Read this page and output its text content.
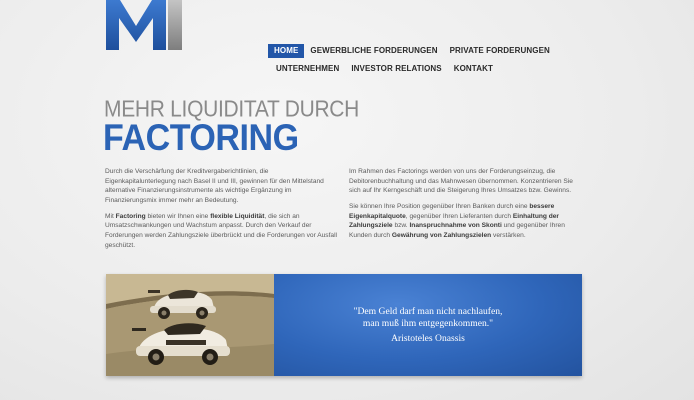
HOME	GEWERBLICHE FORDERUNGEN	PRIVATE FORDERUNGEN
UNTERNEHMEN	INVESTOR RELATIONS	KONTAKT
MEHR LIQUIDITAT DURCH
FACTORING

Durch die Verschärfung der Kreditvergaberichtlinien, die Eigenkapitalunterlegung nach Basel II und III, gewinnen für den Mittelstand alternative Finanzierungsinstrumente als wichtige Ergänzung im Finanzierungsmix immer mehr an Bedeutung.

Mit Factoring bieten wir Ihnen eine flexible Liquidität, die sich an Umsatzschwankungen und Wachstum anpasst. Durch den Verkauf der Forderungen werden Zahlungsziele überbrückt und die Forderungen vor Ausfall geschützt.

Im Rahmen des Factorings werden von uns der Forderungseinzug, die Debitorenbuchhaltung und das Mahnwesen übernommen. Konzentrieren Sie sich auf Ihr Kerngeschäft und die Steigerung Ihres Umsatzes bzw. Gewinns.

Sie können Ihre Position gegenüber Ihren Banken durch eine bessere Eigenkapitalquote, gegenüber Ihren Lieferanten durch Einhaltung der Zahlungsziele bzw. Inanspruchnahme von Skonti und gegenüber Ihren Kunden durch Gewährung von Zahlungszielen verstärken.

"Dem Geld darf man nicht nachlaufen,
man muß ihm entgegenkommen."
Aristoteles Onassis
